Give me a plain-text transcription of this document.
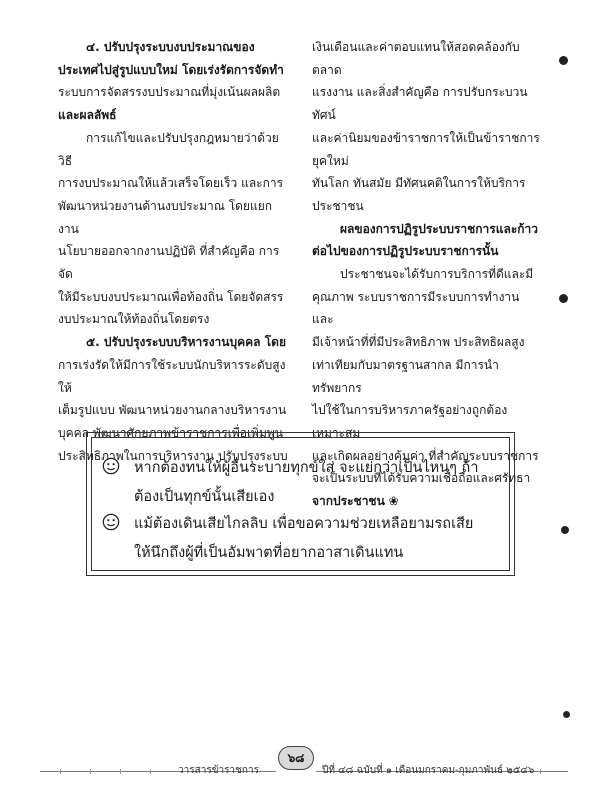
๔. ปรับปรุงระบบงบประมาณของ
ประเทศไปสู่รูปแบบใหม่ โดยเร่งรัดการจัดทำ
ระบบการจัดสรรงบประมาณที่มุ่งเน้นผลผลิต
และผลลัพธ์

การแก้ไขและปรับปรุงกฎหมายว่าด้วยวิธี
การงบประมาณให้แล้วเสร็จโดยเร็ว และการ
พัฒนาหน่วยงานด้านงบประมาณ โดยแยกงาน
นโยบายออกจากงานปฏิบัติ ที่สำคัญคือ การจัด
ให้มีระบบงบประมาณเพื่อท้องถิ่น โดยจัดสรร
งบประมาณให้ท้องถิ่นโดยตรง

๕. ปรับปรุงระบบบริหารงานบุคคล โดย
การเร่งรัดให้มีการใช้ระบบนักบริหารระดับสูงให้
เต็มรูปแบบ พัฒนาหน่วยงานกลางบริหารงาน
บุคคล พัฒนาศักยภาพข้าราชการเพื่อเพิ่มพูน
ประสิทธิภาพในการบริหารงาน ปรับปรุงระบบ

เงินเดือนและค่าตอบแทนให้สอดคล้องกับตลาด
แรงงาน และสิ่งสำคัญคือ การปรับกระบวนทัศน์
และค่านิยมของข้าราชการให้เป็นข้าราชการยุคใหม่
ทันโลก ทันสมัย มีทัศนคติในการให้บริการ
ประชาชน

ผลของการปฏิรูประบบราชการและก้าว
ต่อไปของการปฏิรูประบบราชการนั้น

ประชาชนจะได้รับการบริการที่ดีและมี
คุณภาพ ระบบราชการมีระบบการทำงาน และ
มีเจ้าหน้าที่ที่มีประสิทธิภาพ ประสิทธิผลสูง
เท่าเทียมกับมาตรฐานสากล มีการนำทรัพยากร
ไปใช้ในการบริหารภาครัฐอย่างถูกต้อง เหมาะสม
และเกิดผลอย่างคุ้มค่า ที่สำคัญระบบราชการ
จะเป็นระบบที่ได้รับความเชื่อถือและศรัทธา
จากประชาชน ❀

หากต้องทนให้ผู้อื่นระบายทุกข์ใส่ จะแย่กว่าเป็นไหนๆ ถ้า
ต้องเป็นทุกข์นั้นเสียเอง
แม้ต้องเดินเสียไกลลิบ เพื่อขอความช่วยเหลือยามรถเสีย
ให้นึกถึงผู้ที่เป็นอัมพาตที่อยากอาสาเดินแทน
๖๘
วารสารข้าราชการ	ปีที่ ๔๘ ฉบับที่ ๑ เดือนมกราคม-กุมภาพันธ์ ๒๕๔๖
